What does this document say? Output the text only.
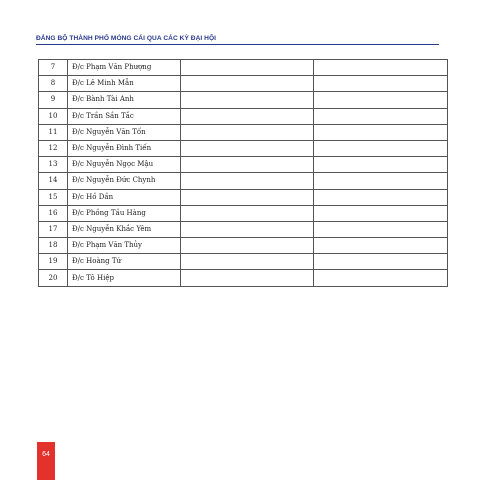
ĐẢNG BỘ THÀNH PHỐ MÓNG CÁI QUA CÁC KỲ ĐẠI HỘI
7	Đ/c Phạm Văn Phượng		
8	Đ/c Lê Minh Mẫn		
9	Đ/c Bành Tài Anh		
10	Đ/c Trần Sần Tắc		
11	Đ/c Nguyễn Văn Tốn		
12	Đ/c Nguyễn Đình Tiến		
13	Đ/c Nguyễn Ngọc Mậu		
14	Đ/c Nguyễn Đức Chynh		
15	Đ/c Hồ Dần		
16	Đ/c Phồng Tầu Hàng		
17	Đ/c Nguyễn Khắc Yêm		
18	Đ/c Phạm Văn Thủy		
19	Đ/c Hoàng Tứ		
20	Đ/c Tô Hiệp		
64
